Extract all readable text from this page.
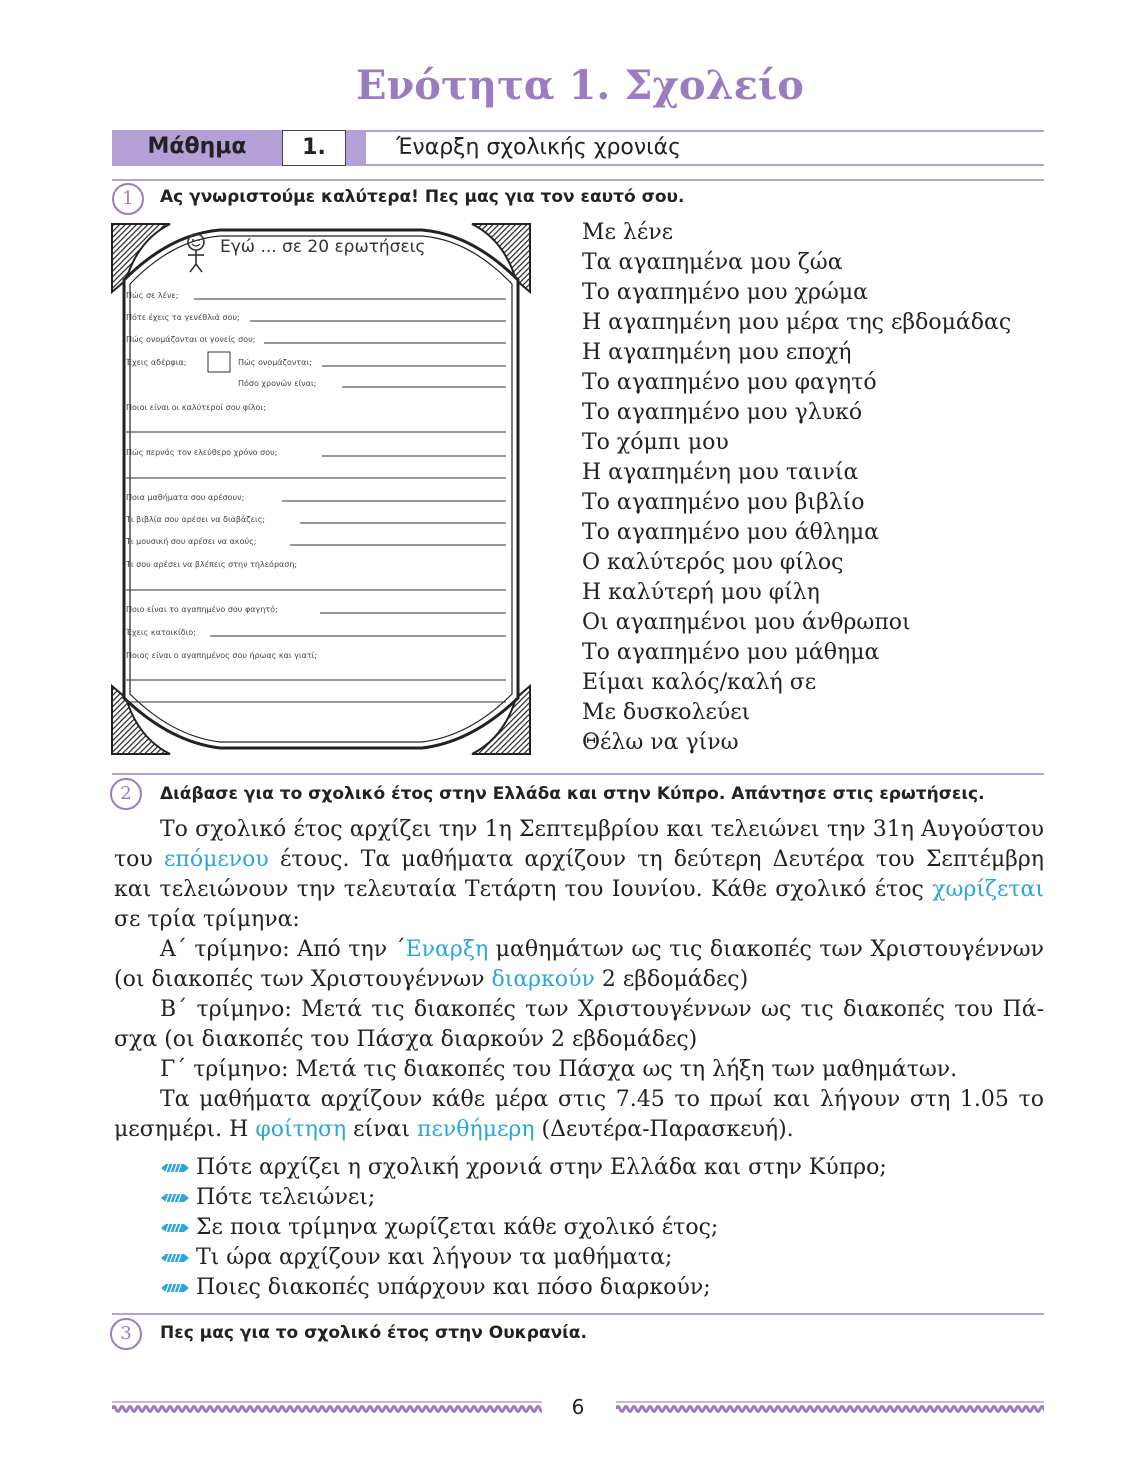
Ενότητα 1. Σχολείο
Μάθημα	1.	Έναρξη σχολικής χρονιάς
1	Ας γνωριστούμε καλύτερα! Πες μας για τον εαυτό σου.
Εγώ ... σε 20 ερωτήσεις
Πώς σε λένε;
Πότε έχεις τα γενέθλιά σου;
Πώς ονομάζονται οι γονείς σου;
Έχεις αδέρφια;	Πώς ονομάζονται;
Πόσο χρονών είναι;
Ποιοι είναι οι καλύτεροί σου φίλοι;
Πώς περνάς τον ελεύθερο χρόνο σου;
Ποια μαθήματα σου αρέσουν;
Τι βιβλία σου αρέσει να διαβάζεις;
Τι μουσική σου αρέσει να ακούς;
Τι σου αρέσει να βλέπεις στην τηλεόραση;
Ποιο είναι το αγαπημένο σου φαγητό;
Έχεις κατοικίδιο;
Ποιος είναι ο αγαπημένος σου ήρωας και γιατί;
Με λένε
Τα αγαπημένα μου ζώα
Το αγαπημένο μου χρώμα
Η αγαπημένη μου μέρα της εβδομάδας
Η αγαπημένη μου εποχή
Το αγαπημένο μου φαγητό
Το αγαπημένο μου γλυκό
Το χόμπι μου
Η αγαπημένη μου ταινία
Το αγαπημένο μου βιβλίο
Το αγαπημένο μου άθλημα
Ο καλύτερός μου φίλος
Η καλύτερή μου φίλη
Οι αγαπημένοι μου άνθρωποι
Το αγαπημένο μου μάθημα
Είμαι καλός/καλή σε
Με δυσκολεύει
Θέλω να γίνω
2	Διάβασε για το σχολικό έτος στην Ελλάδα και στην Κύπρο. Απάντησε στις ερωτήσεις.
Το σχολικό έτος αρχίζει την 1η Σεπτεμβρίου και τελειώνει την 31η Αυγούστου του επόμενου έτους. Τα μαθήματα αρχίζουν τη δεύτερη Δευτέρα του Σεπτέμβρη και τελειώνουν την τελευταία Τετάρτη του Ιουνίου. Κάθε σχολικό έτος χωρίζεται σε τρία τρίμηνα:
Α΄ τρίμηνο: Από την ΄Εναρξη μαθημάτων ως τις διακοπές των Χριστουγέννων (οι διακοπές των Χριστουγέννων διαρκούν 2 εβδομάδες)
Β΄ τρίμηνο: Μετά τις διακοπές των Χριστουγέννων ως τις διακοπές του Πάσχα (οι διακοπές του Πάσχα διαρκούν 2 εβδομάδες)
Γ΄ τρίμηνο: Μετά τις διακοπές του Πάσχα ως τη λήξη των μαθημάτων.
Τα μαθήματα αρχίζουν κάθε μέρα στις 7.45 το πρωί και λήγουν στη 1.05 το μεσημέρι. Η φοίτηση είναι πενθήμερη (Δευτέρα-Παρασκευή).
Πότε αρχίζει η σχολική χρονιά στην Ελλάδα και στην Κύπρο;
Πότε τελειώνει;
Σε ποια τρίμηνα χωρίζεται κάθε σχολικό έτος;
Τι ώρα αρχίζουν και λήγουν τα μαθήματα;
Ποιες διακοπές υπάρχουν και πόσο διαρκούν;
3	Πες μας για το σχολικό έτος στην Ουκρανία.
6
